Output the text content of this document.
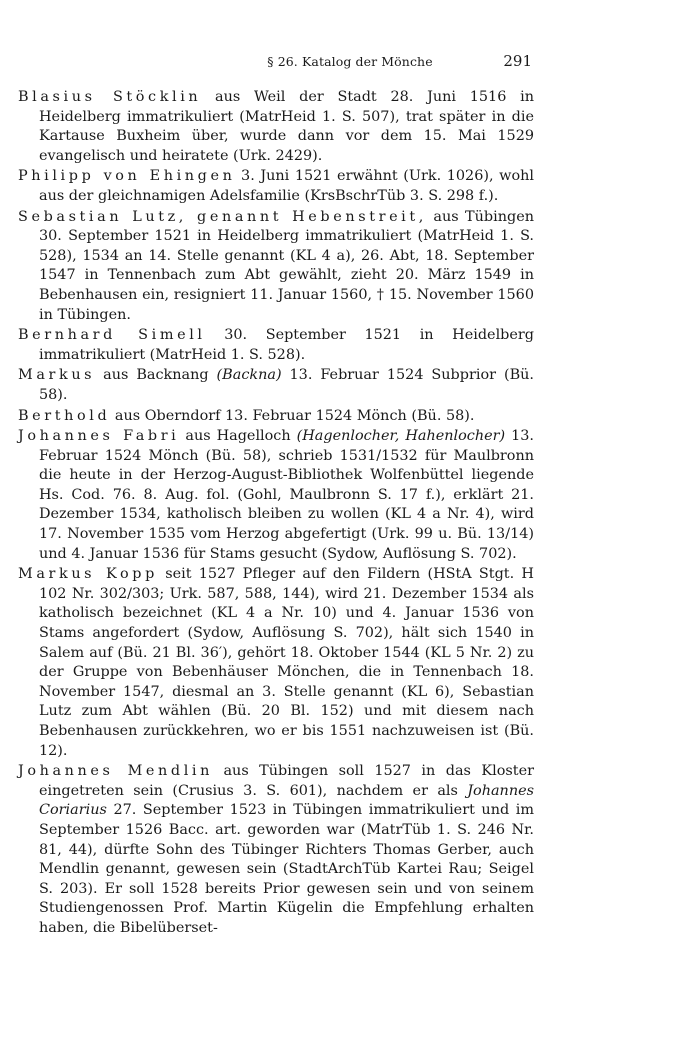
§ 26. Katalog der Mönche	291

Blasius Stöcklin aus Weil der Stadt 28. Juni 1516 in Heidelberg immatrikuliert (MatrHeid 1. S. 507), trat später in die Kartause Buxheim über, wurde dann vor dem 15. Mai 1529 evangelisch und heiratete (Urk. 2429).

Philipp von Ehingen 3. Juni 1521 erwähnt (Urk. 1026), wohl aus der gleichnamigen Adelsfamilie (KrsBschrTüb 3. S. 298 f.).

Sebastian Lutz, genannt Hebenstreit, aus Tübingen 30. September 1521 in Heidelberg immatrikuliert (MatrHeid 1. S. 528), 1534 an 14. Stelle genannt (KL 4 a), 26. Abt, 18. September 1547 in Tennenbach zum Abt gewählt, zieht 20. März 1549 in Bebenhausen ein, resigniert 11. Januar 1560, † 15. November 1560 in Tübingen.

Bernhard Simell 30. September 1521 in Heidelberg immatrikuliert (MatrHeid 1. S. 528).

Markus aus Backnang (Backna) 13. Februar 1524 Subprior (Bü. 58).

Berthold aus Oberndorf 13. Februar 1524 Mönch (Bü. 58).

Johannes Fabri aus Hagelloch (Hagenlocher, Hahenlocher) 13. Februar 1524 Mönch (Bü. 58), schrieb 1531/1532 für Maulbronn die heute in der Herzog-August-Bibliothek Wolfenbüttel liegende Hs. Cod. 76. 8. Aug. fol. (Gohl, Maulbronn S. 17 f.), erklärt 21. Dezember 1534, katholisch bleiben zu wollen (KL 4 a Nr. 4), wird 17. November 1535 vom Herzog abgefertigt (Urk. 99 u. Bü. 13/14) und 4. Januar 1536 für Stams gesucht (Sydow, Auflösung S. 702).

Markus Kopp seit 1527 Pfleger auf den Fildern (HStA Stgt. H 102 Nr. 302/303; Urk. 587, 588, 144), wird 21. Dezember 1534 als katholisch bezeichnet (KL 4 a Nr. 10) und 4. Januar 1536 von Stams angefordert (Sydow, Auflösung S. 702), hält sich 1540 in Salem auf (Bü. 21 Bl. 36′), gehört 18. Oktober 1544 (KL 5 Nr. 2) zu der Gruppe von Bebenhäuser Mönchen, die in Tennenbach 18. November 1547, diesmal an 3. Stelle genannt (KL 6), Sebastian Lutz zum Abt wählen (Bü. 20 Bl. 152) und mit diesem nach Bebenhausen zurückkehren, wo er bis 1551 nachzuweisen ist (Bü. 12).

Johannes Mendlin aus Tübingen soll 1527 in das Kloster eingetreten sein (Crusius 3. S. 601), nachdem er als Johannes Coriarius 27. September 1523 in Tübingen immatrikuliert und im September 1526 Bacc. art. geworden war (MatrTüb 1. S. 246 Nr. 81, 44), dürfte Sohn des Tübinger Richters Thomas Gerber, auch Mendlin genannt, gewesen sein (StadtArchTüb Kartei Rau; Seigel S. 203). Er soll 1528 bereits Prior gewesen sein und von seinem Studiengenossen Prof. Martin Kügelin die Empfehlung erhalten haben, die Bibelüberset-
